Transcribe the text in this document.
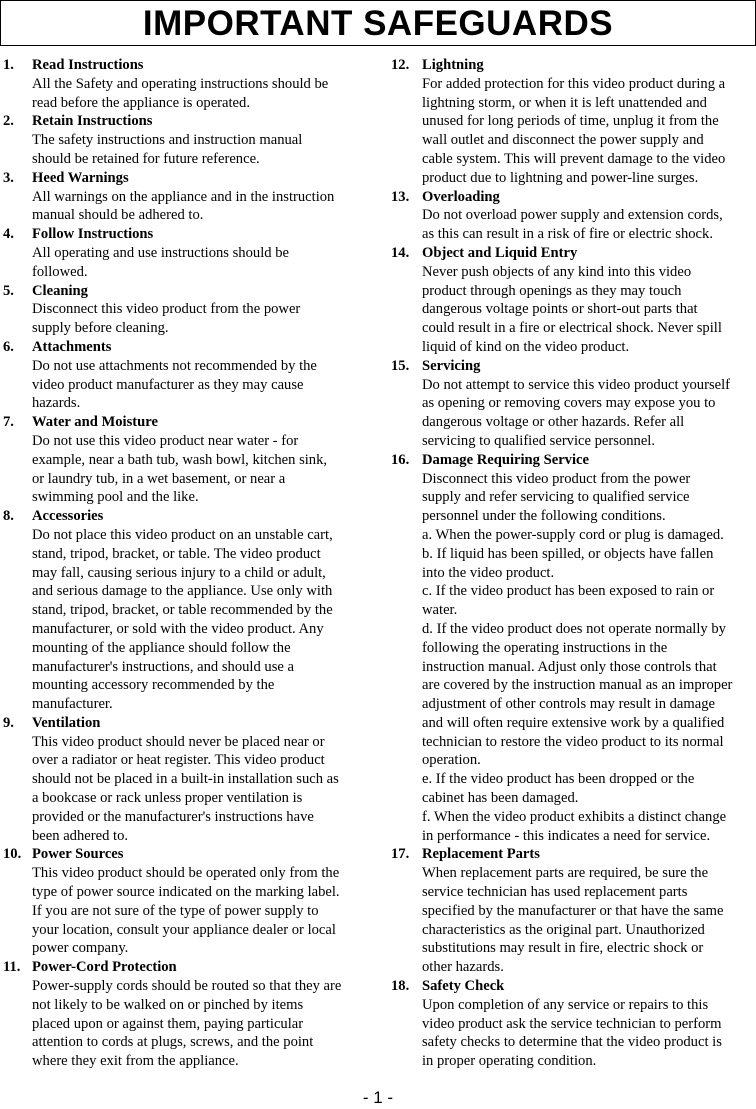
IMPORTANT SAFEGUARDS
1.	Read Instructions
All the Safety and operating instructions should be
read before the appliance is operated.
2.	Retain Instructions
The safety instructions and instruction manual
should be retained for future reference.
3.	Heed Warnings
All warnings on the appliance and in the instruction
manual should be adhered to.
4.	Follow Instructions
All operating and use instructions should be
followed.
5.	Cleaning
Disconnect this video product from the power
supply before cleaning.
6.	Attachments
Do not use attachments not recommended by the
video product manufacturer as they may cause
hazards.
7.	Water and Moisture
Do not use this video product near water - for
example, near a bath tub, wash bowl, kitchen sink,
or laundry tub, in a wet basement, or near a
swimming pool and the like.
8.	Accessories
Do not place this video product on an unstable cart,
stand, tripod, bracket, or table. The video product
may fall, causing serious injury to a child or adult,
and serious damage to the appliance. Use only with
stand, tripod, bracket, or table recommended by the
manufacturer, or sold with the video product. Any
mounting of the appliance should follow the
manufacturer's instructions, and should use a
mounting accessory recommended by the
manufacturer.
9.	Ventilation
This video product should never be placed near or
over a radiator or heat register. This video product
should not be placed in a built-in installation such as
a bookcase or rack unless proper ventilation is
provided or the manufacturer's instructions have
been adhered to.
10. Power Sources
This video product should be operated only from the
type of power source indicated on the marking label.
If you are not sure of the type of power supply to
your location, consult your appliance dealer or local
power company.
11. Power-Cord Protection
Power-supply cords should be routed so that they are
not likely to be walked on or pinched by items
placed upon or against them, paying particular
attention to cords at plugs, screws, and the point
where they exit from the appliance.
12. Lightning
For added protection for this video product during a
lightning storm, or when it is left unattended and
unused for long periods of time, unplug it from the
wall outlet and disconnect the power supply and
cable system. This will prevent damage to the video
product due to lightning and power-line surges.
13. Overloading
Do not overload power supply and extension cords,
as this can result in a risk of fire or electric shock.
14. Object and Liquid Entry
Never push objects of any kind into this video
product through openings as they may touch
dangerous voltage points or short-out parts that
could result in a fire or electrical shock. Never spill
liquid of kind on the video product.
15. Servicing
Do not attempt to service this video product yourself
as opening or removing covers may expose you to
dangerous voltage or other hazards. Refer all
servicing to qualified service personnel.
16. Damage Requiring Service
Disconnect this video product from the power
supply and refer servicing to qualified service
personnel under the following conditions.
a. When the power-supply cord or plug is damaged.
b. If liquid has been spilled, or objects have fallen
into the video product.
c. If the video product has been exposed to rain or
water.
d. If the video product does not operate normally by
following the operating instructions in the
instruction manual. Adjust only those controls that
are covered by the instruction manual as an improper
adjustment of other controls may result in damage
and will often require extensive work by a qualified
technician to restore the video product to its normal
operation.
e. If the video product has been dropped or the
cabinet has been damaged.
f. When the video product exhibits a distinct change
in performance - this indicates a need for service.
17. Replacement Parts
When replacement parts are required, be sure the
service technician has used replacement parts
specified by the manufacturer or that have the same
characteristics as the original part. Unauthorized
substitutions may result in fire, electric shock or
other hazards.
18. Safety Check
Upon completion of any service or repairs to this
video product ask the service technician to perform
safety checks to determine that the video product is
in proper operating condition.
- 1 -
